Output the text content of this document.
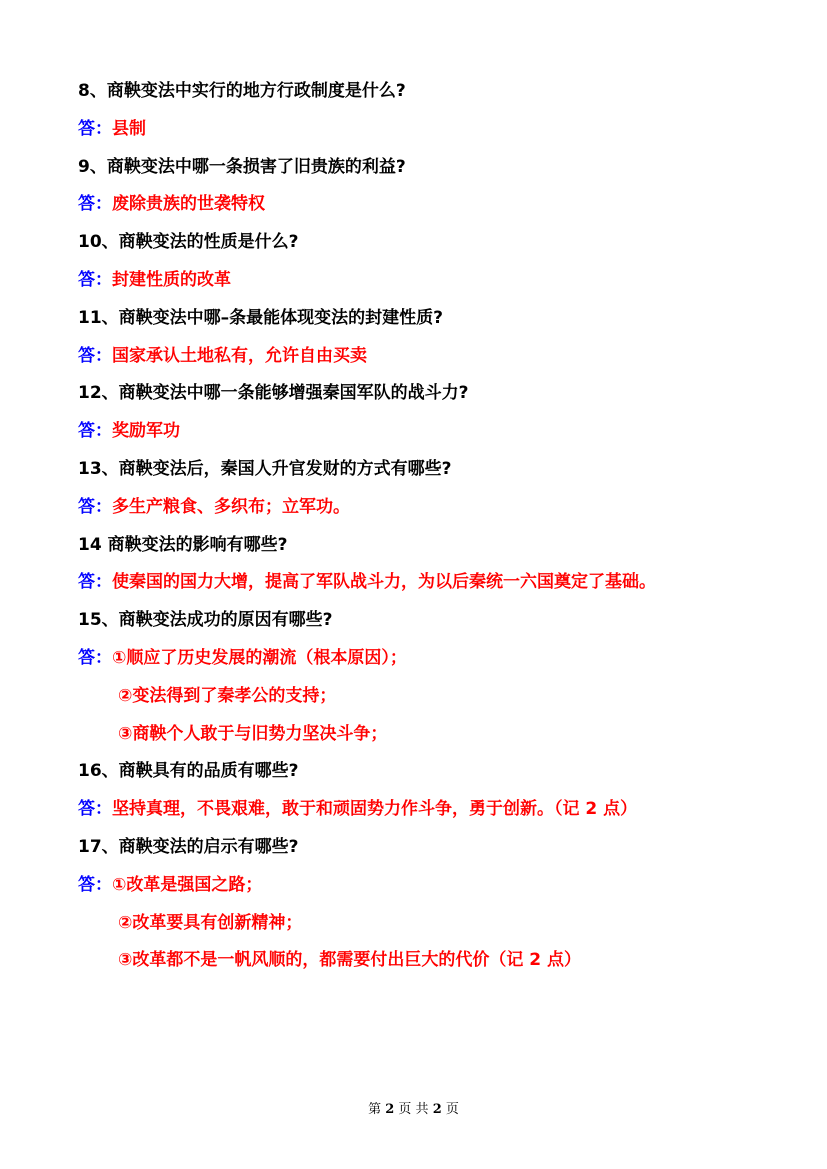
8、商鞅变法中实行的地方行政制度是什么?
答：县制
9、商鞅变法中哪一条损害了旧贵族的利益?
答：废除贵族的世袭特权
10、商鞅变法的性质是什么?
答：封建性质的改革
11、商鞅变法中哪–条最能体现变法的封建性质?
答：国家承认土地私有，允许自由买卖
12、商鞅变法中哪一条能够增强秦国军队的战斗力?
答：奖励军功
13、商鞅变法后，秦国人升官发财的方式有哪些?
答：多生产粮食、多织布；立军功。
14 商鞅变法的影响有哪些?
答：使秦国的国力大增，提高了军队战斗力，为以后秦统一六国奠定了基础。
15、商鞅变法成功的原因有哪些?
答：①顺应了历史发展的潮流（根本原因）；
②变法得到了秦孝公的支持；
③商鞅个人敢于与旧势力坚决斗争；
16、商鞅具有的品质有哪些?
答：坚持真理，不畏艰难，敢于和顽固势力作斗争，勇于创新。（记 2 点）
17、商鞅变法的启示有哪些?
答：①改革是强国之路；
②改革要具有创新精神；
③改革都不是一帆风顺的，都需要付出巨大的代价（记 2 点）
第 2 页 共 2 页
